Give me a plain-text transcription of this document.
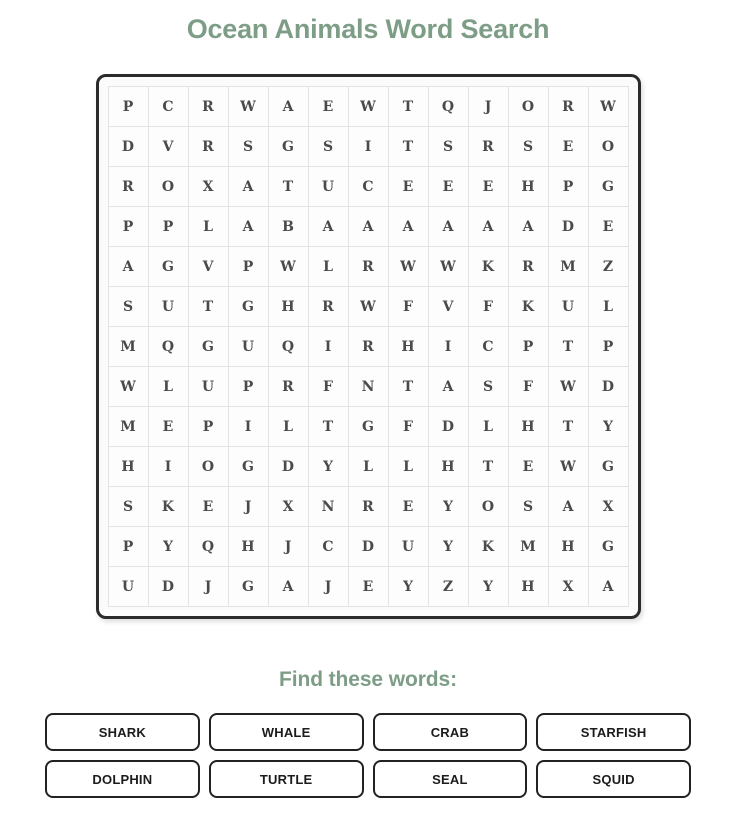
Ocean Animals Word Search
P	C	R	W	A	E	W	T	Q	J	O	R	W
D	V	R	S	G	S	I	T	S	R	S	E	O
R	O	X	A	T	U	C	E	E	E	H	P	G
P	P	L	A	B	A	A	A	A	A	A	D	E
A	G	V	P	W	L	R	W	W	K	R	M	Z
S	U	T	G	H	R	W	F	V	F	K	U	L
M	Q	G	U	Q	I	R	H	I	C	P	T	P
W	L	U	P	R	F	N	T	A	S	F	W	D
M	E	P	I	L	T	G	F	D	L	H	T	Y
H	I	O	G	D	Y	L	L	H	T	E	W	G
S	K	E	J	X	N	R	E	Y	O	S	A	X
P	Y	Q	H	J	C	D	U	Y	K	M	H	G
U	D	J	G	A	J	E	Y	Z	Y	H	X	A
Find these words:
SHARK	WHALE	CRAB	STARFISH
DOLPHIN	TURTLE	SEAL	SQUID
